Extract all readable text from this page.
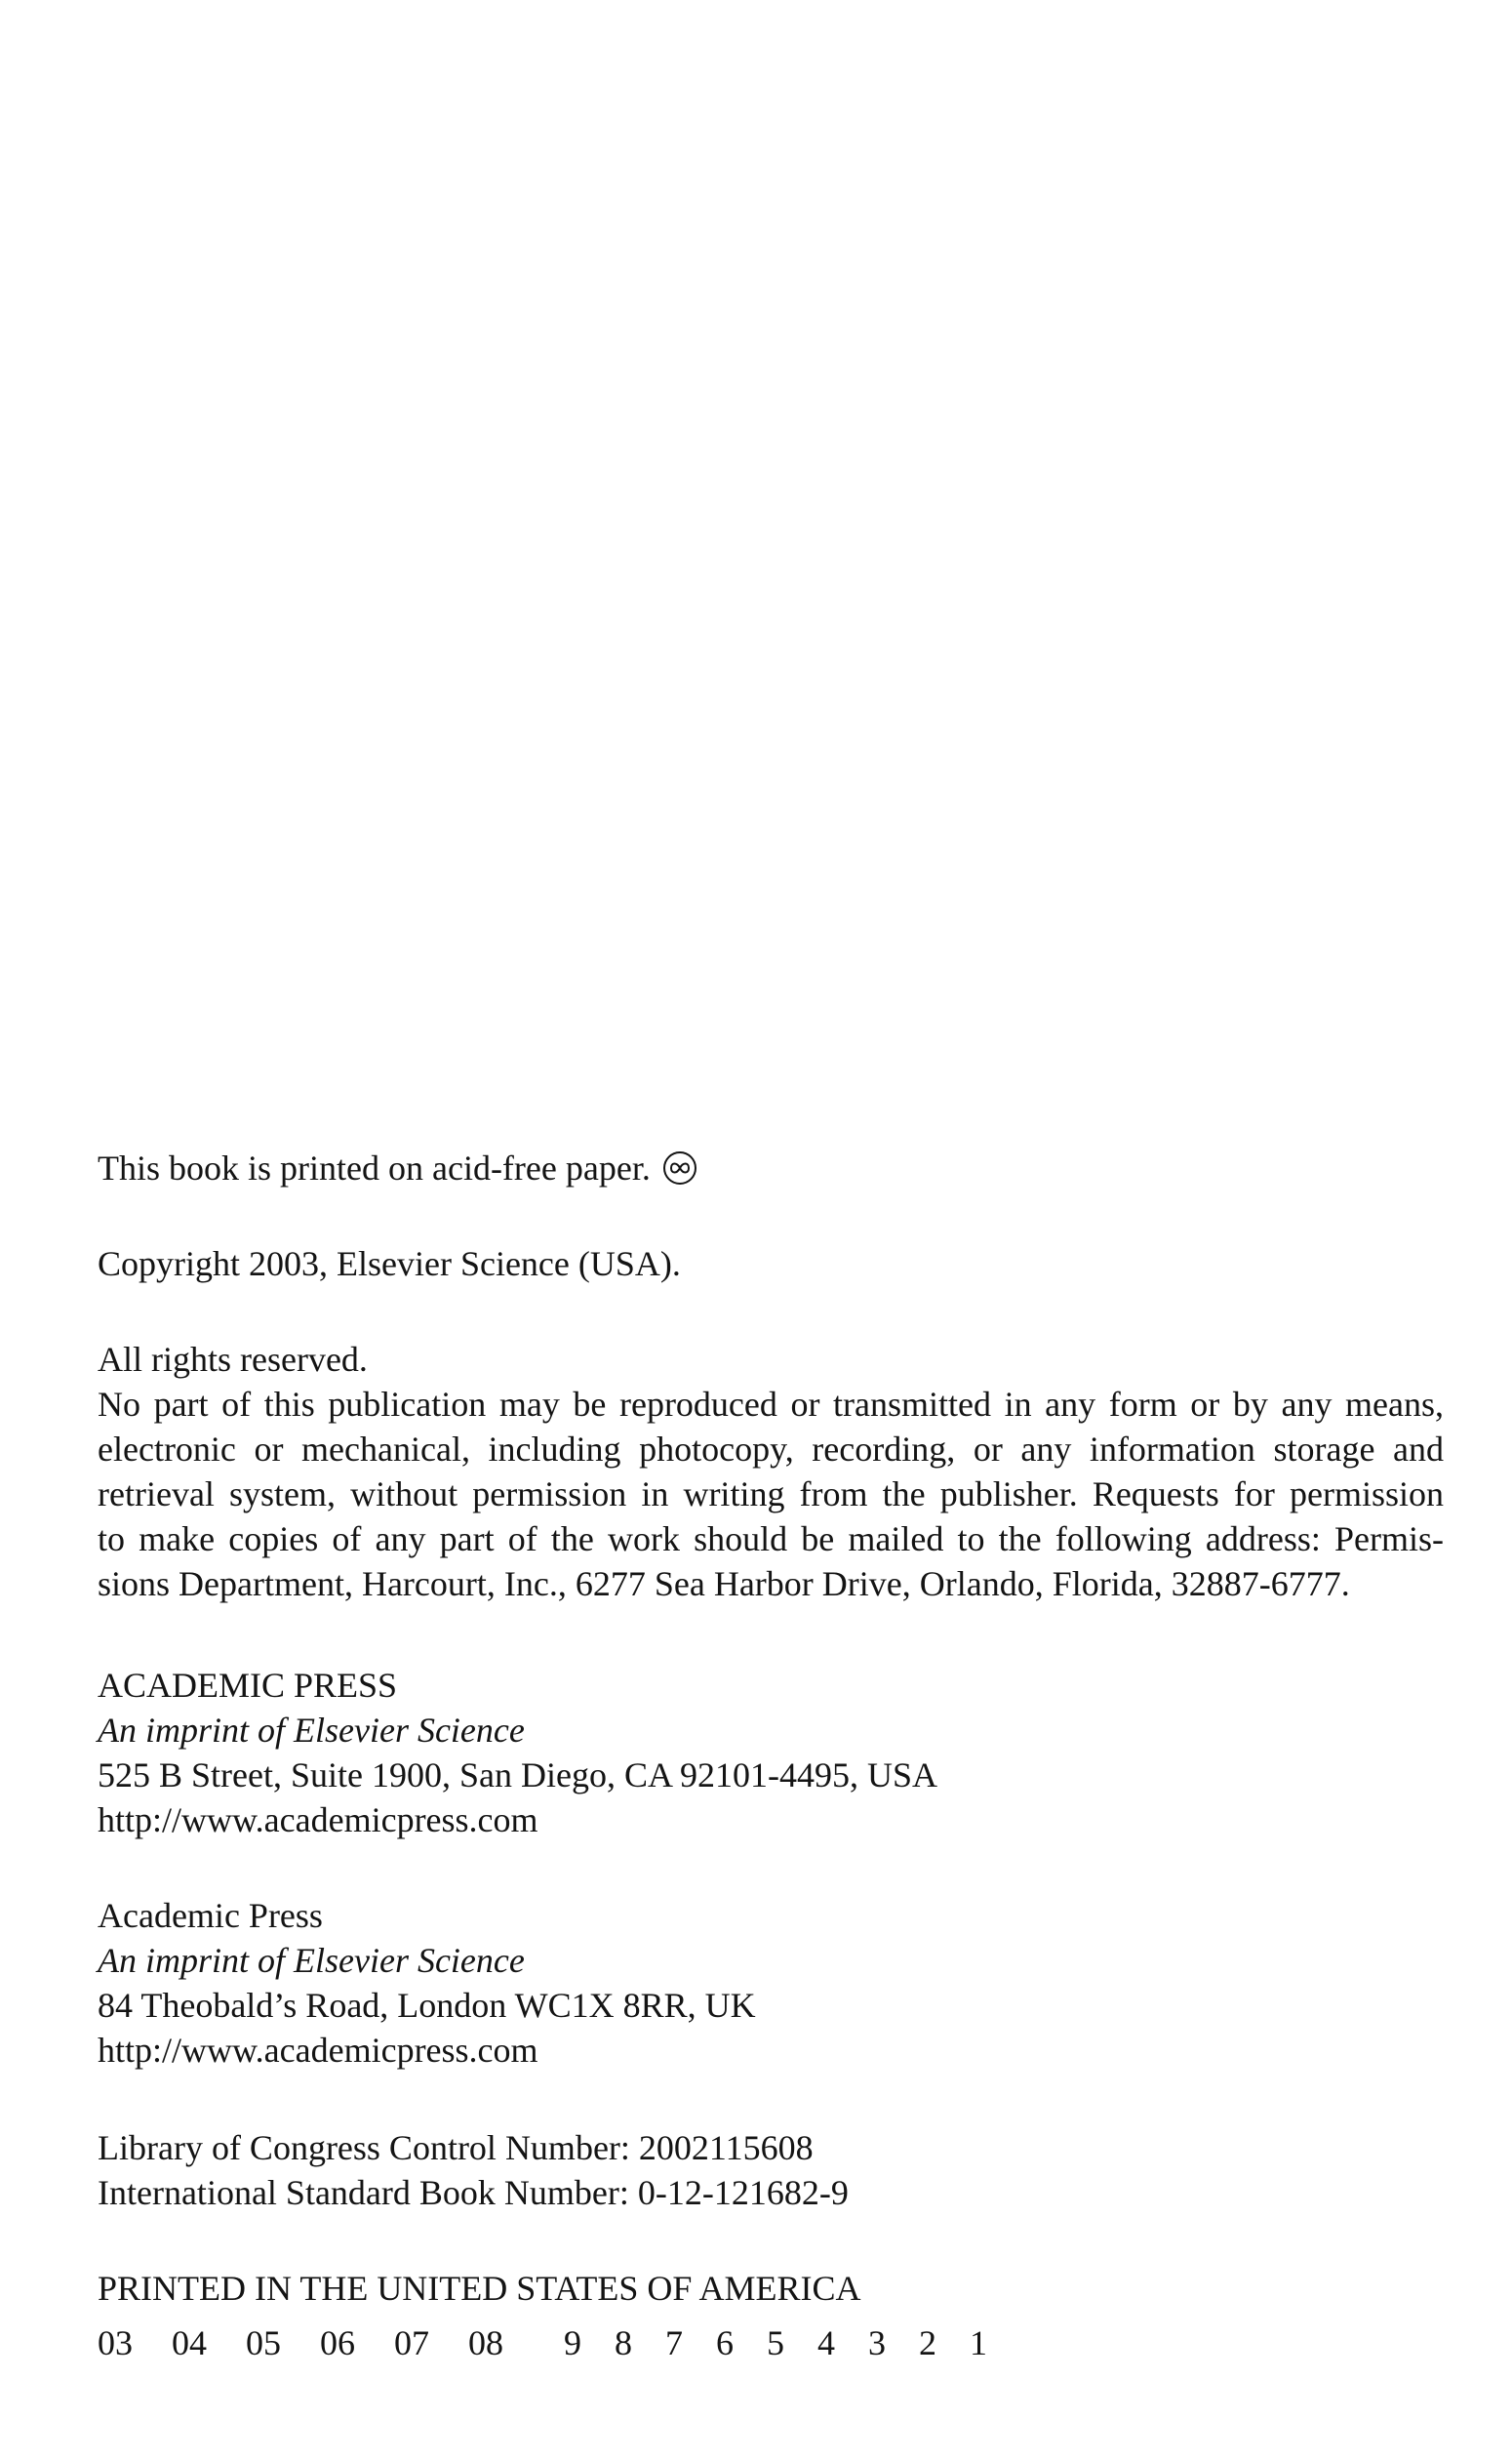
This book is printed on acid-free paper.
Copyright 2003, Elsevier Science (USA).
All rights reserved.
No part of this publication may be reproduced or transmitted in any form or by any means,
electronic or mechanical, including photocopy, recording, or any information storage and
retrieval system, without permission in writing from the publisher. Requests for permission
to make copies of any part of the work should be mailed to the following address: Permis-
sions Department, Harcourt, Inc., 6277 Sea Harbor Drive, Orlando, Florida, 32887-6777.
ACADEMIC PRESS
An imprint of Elsevier Science
525 B Street, Suite 1900, San Diego, CA 92101-4495, USA
http://www.academicpress.com
Academic Press
An imprint of Elsevier Science
84 Theobald’s Road, London WC1X 8RR, UK
http://www.academicpress.com
Library of Congress Control Number: 2002115608
International Standard Book Number: 0-12-121682-9
PRINTED IN THE UNITED STATES OF AMERICA
03 04 05 06 07 08 9 8 7 6 5 4 3 2 1
